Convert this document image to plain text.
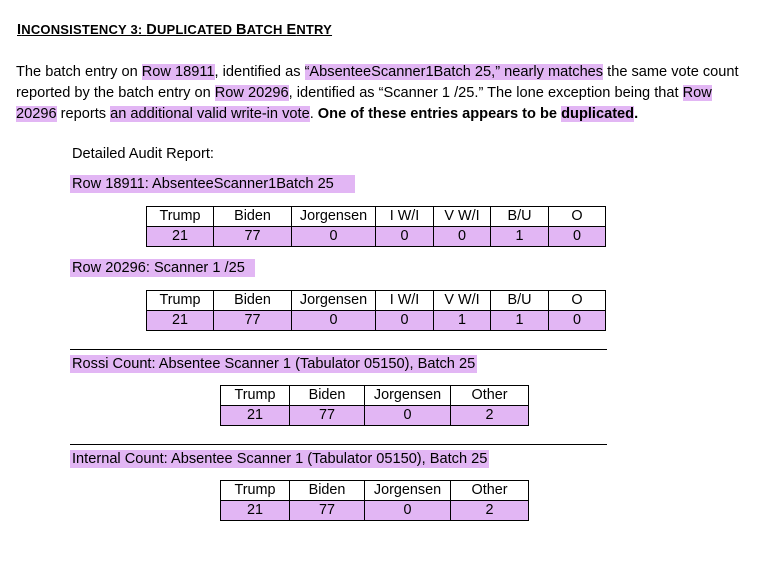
INCONSISTENCY 3: DUPLICATED BATCH ENTRY
The batch entry on Row 18911, identified as “AbsenteeScanner1Batch 25,” nearly matches the same vote count reported by the batch entry on Row 20296, identified as “Scanner 1 /25.” The lone exception being that Row 20296 reports an additional valid write-in vote. One of these entries appears to be duplicated.
Detailed Audit Report:
Row 18911: AbsenteeScanner1Batch 25
Trump	Biden	Jorgensen	I W/I	V W/I	B/U	O
21	77	0	0	0	1	0
Row 20296: Scanner 1 /25
Trump	Biden	Jorgensen	I W/I	V W/I	B/U	O
21	77	0	0	1	1	0
Rossi Count: Absentee Scanner 1 (Tabulator 05150), Batch 25
Trump	Biden	Jorgensen	Other
21	77	0	2
Internal Count: Absentee Scanner 1 (Tabulator 05150), Batch 25
Trump	Biden	Jorgensen	Other
21	77	0	2
